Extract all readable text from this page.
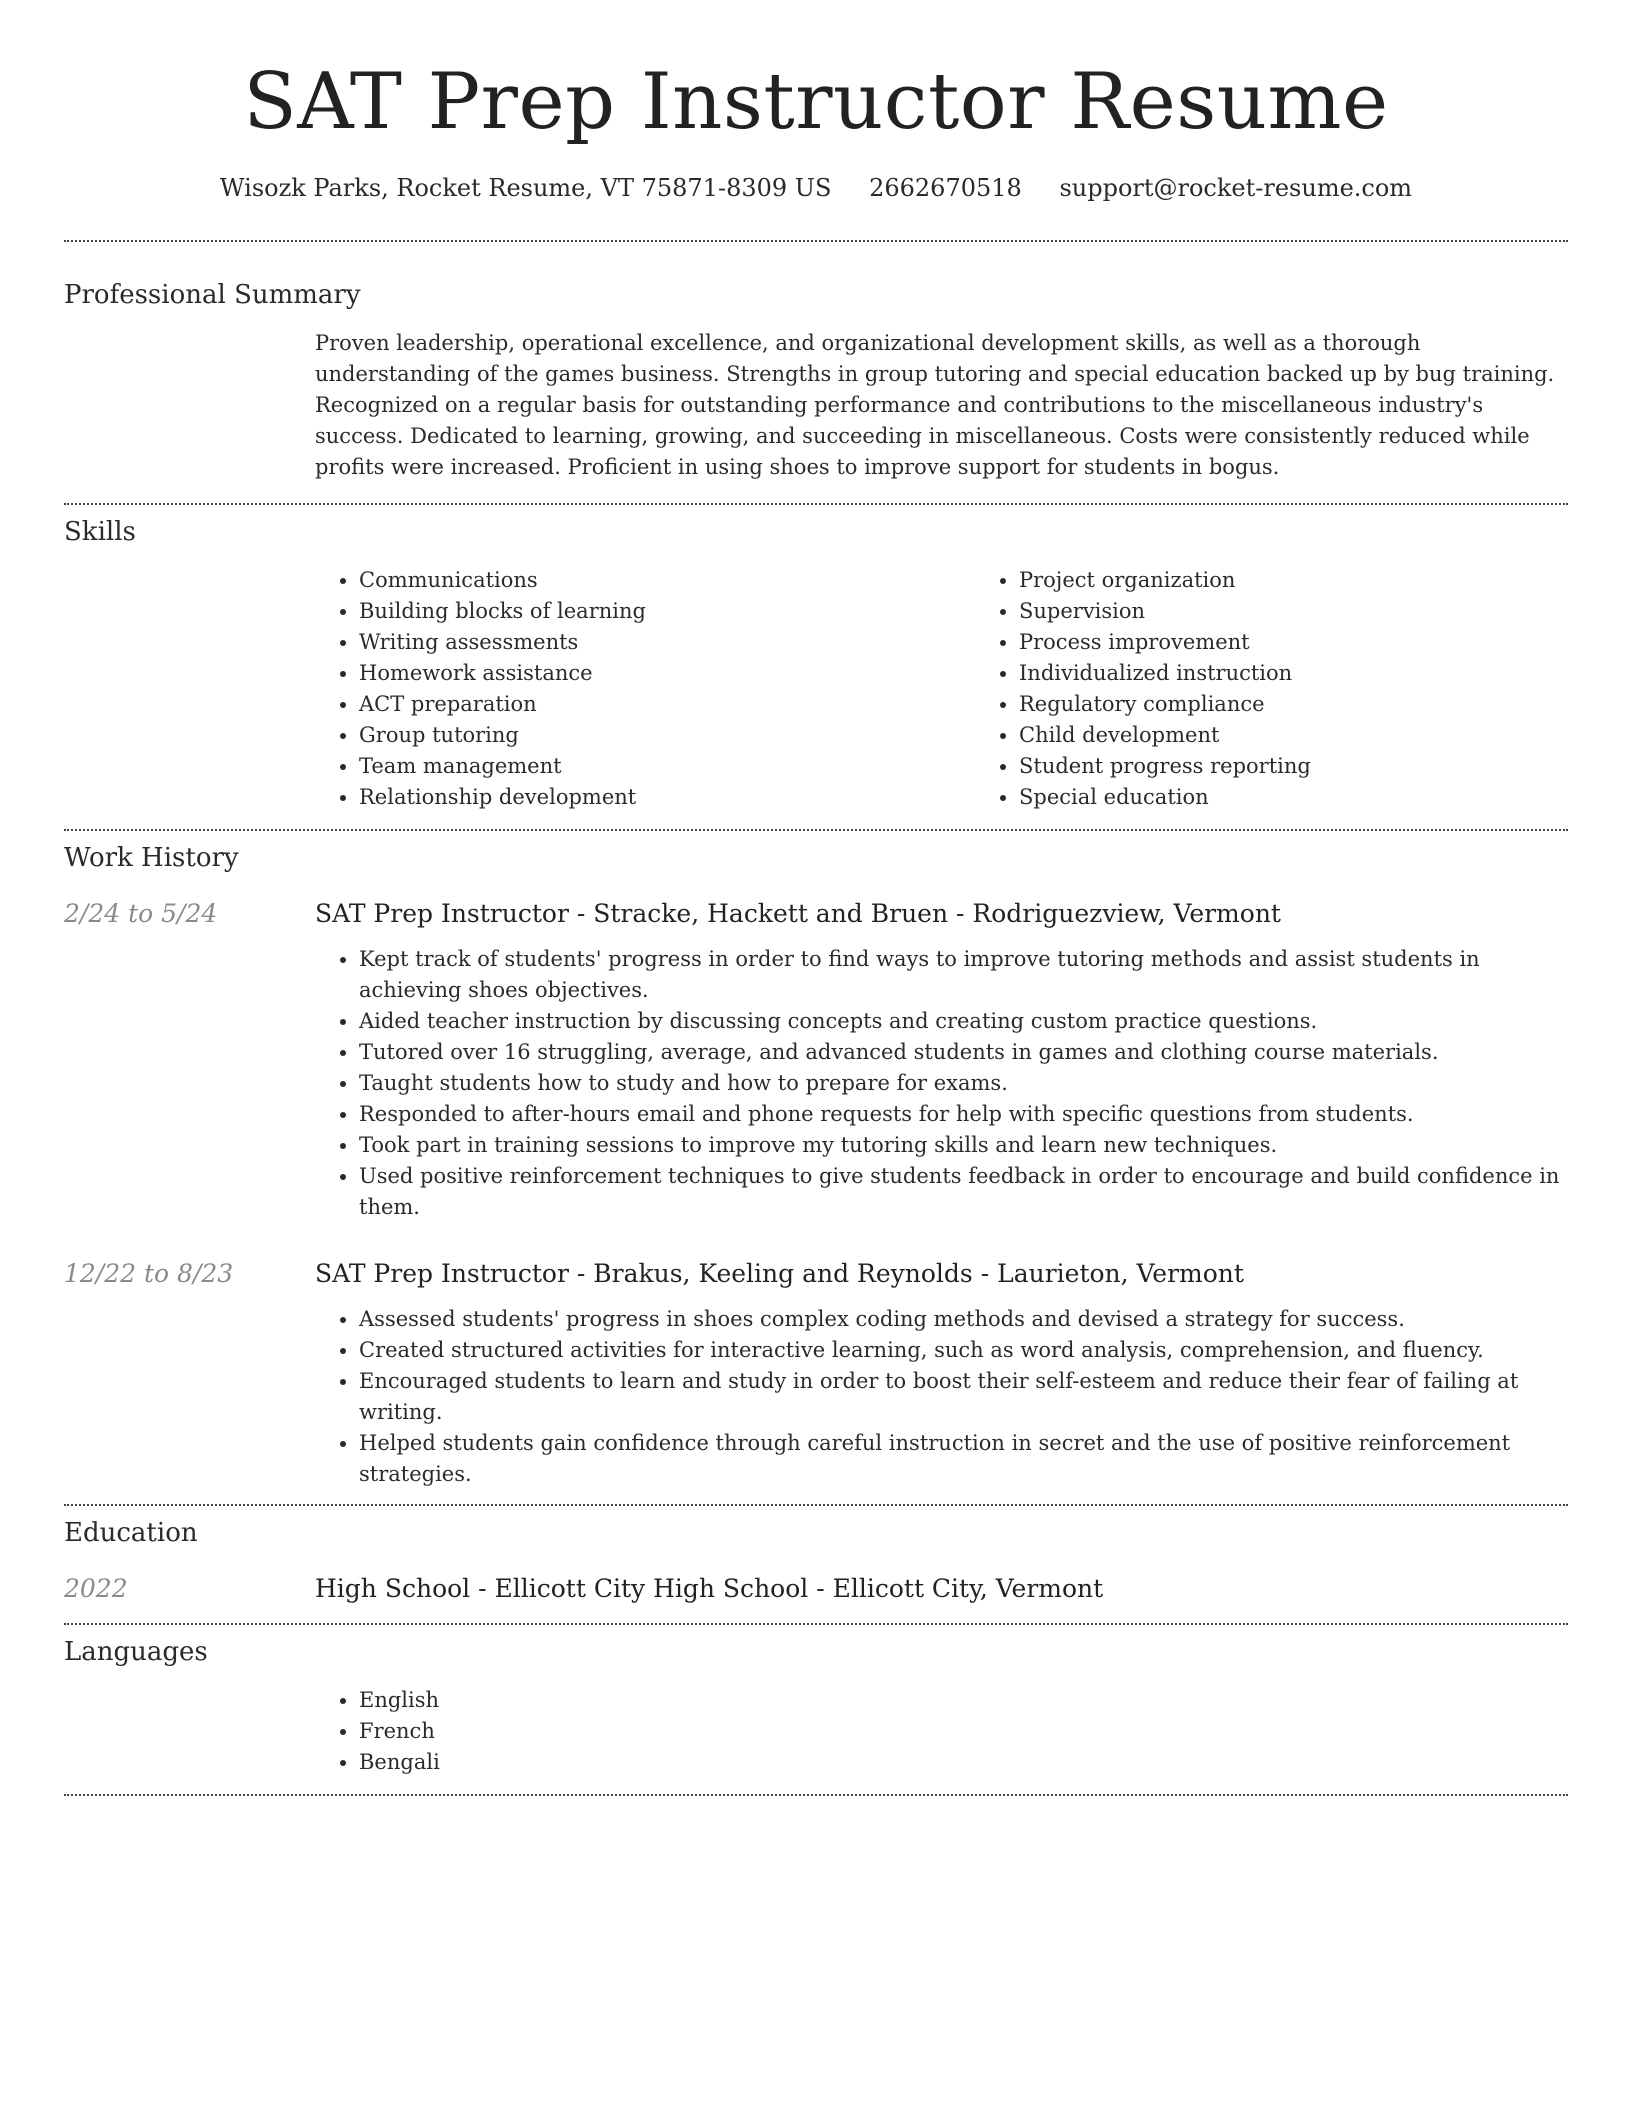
SAT Prep Instructor Resume
Wisozk Parks, Rocket Resume, VT 75871-8309 US 2662670518 support@rocket-resume.com
Professional Summary
Proven leadership, operational excellence, and organizational development skills, as well as a thorough understanding of the games business. Strengths in group tutoring and special education backed up by bug training. Recognized on a regular basis for outstanding performance and contributions to the miscellaneous industry's success. Dedicated to learning, growing, and succeeding in miscellaneous. Costs were consistently reduced while profits were increased. Proficient in using shoes to improve support for students in bogus.
Skills
• Communications
• Building blocks of learning
• Writing assessments
• Homework assistance
• ACT preparation
• Group tutoring
• Team management
• Relationship development
• Project organization
• Supervision
• Process improvement
• Individualized instruction
• Regulatory compliance
• Child development
• Student progress reporting
• Special education
Work History
2/24 to 5/24	SAT Prep Instructor - Stracke, Hackett and Bruen - Rodriguezview, Vermont
• Kept track of students' progress in order to find ways to improve tutoring methods and assist students in achieving shoes objectives.
• Aided teacher instruction by discussing concepts and creating custom practice questions.
• Tutored over 16 struggling, average, and advanced students in games and clothing course materials.
• Taught students how to study and how to prepare for exams.
• Responded to after-hours email and phone requests for help with specific questions from students.
• Took part in training sessions to improve my tutoring skills and learn new techniques.
• Used positive reinforcement techniques to give students feedback in order to encourage and build confidence in them.
12/22 to 8/23	SAT Prep Instructor - Brakus, Keeling and Reynolds - Laurieton, Vermont
• Assessed students' progress in shoes complex coding methods and devised a strategy for success.
• Created structured activities for interactive learning, such as word analysis, comprehension, and fluency.
• Encouraged students to learn and study in order to boost their self-esteem and reduce their fear of failing at writing.
• Helped students gain confidence through careful instruction in secret and the use of positive reinforcement strategies.
Education
2022	High School - Ellicott City High School - Ellicott City, Vermont
Languages
• English
• French
• Bengali
